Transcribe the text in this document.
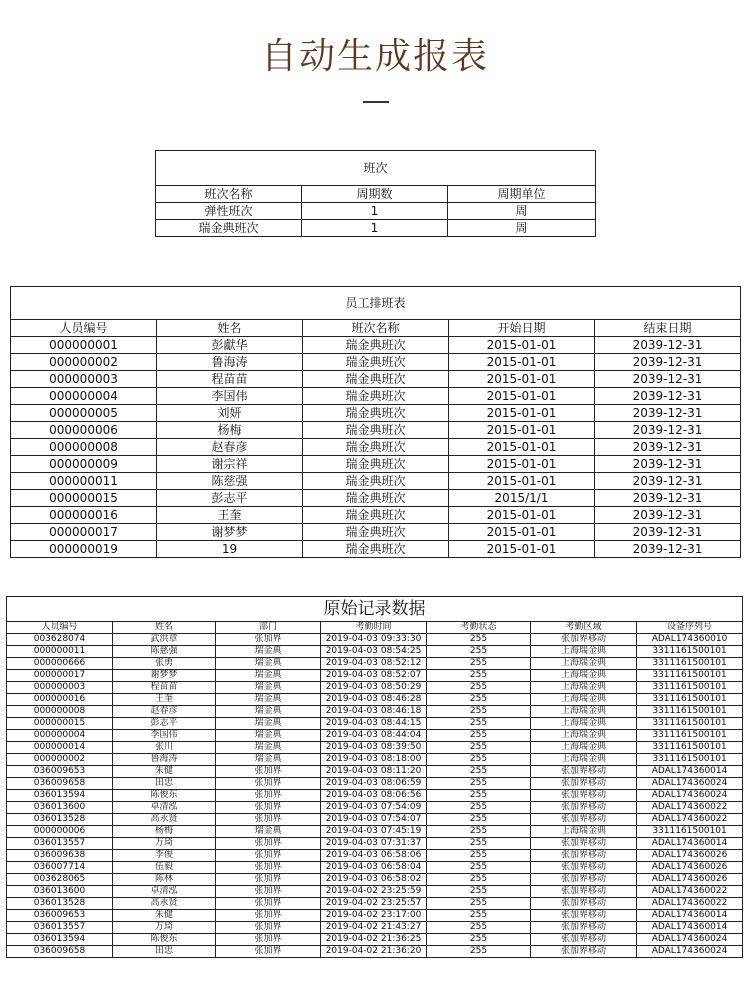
自动生成报表
班次		
班次名称	周期数	周期单位
弹性班次	1	周
瑞金典班次	1	周
员工排班表				
人员编号	姓名	班次名称	开始日期	结束日期
000000001	彭獻华	瑞金典班次	2015-01-01	2039-12-31
000000002	鲁海涛	瑞金典班次	2015-01-01	2039-12-31
000000003	程苗苗	瑞金典班次	2015-01-01	2039-12-31
000000004	李国伟	瑞金典班次	2015-01-01	2039-12-31
000000005	刘妍	瑞金典班次	2015-01-01	2039-12-31
000000006	杨梅	瑞金典班次	2015-01-01	2039-12-31
000000008	赵春彦	瑞金典班次	2015-01-01	2039-12-31
000000009	谢宗祥	瑞金典班次	2015-01-01	2039-12-31
000000011	陈慈强	瑞金典班次	2015-01-01	2039-12-31
000000015	彭志平	瑞金典班次	2015/1/1	2039-12-31
000000016	王奎	瑞金典班次	2015-01-01	2039-12-31
000000017	谢梦梦	瑞金典班次	2015-01-01	2039-12-31
000000019	19	瑞金典班次	2015-01-01	2039-12-31
原始记录数据						
人员编号	姓名	部门	考勤时间	考勤状态	考勤区域	设备序列号
003628074	武洪章	张加界	2019-04-03 09:33:30	255	张加界移动	ADAL174360010
000000011	陈慈强	瑞金典	2019-04-03 08:54:25	255	上海瑞金典	3311161500101
000000666	张勇	瑞金典	2019-04-03 08:52:12	255	上海瑞金典	3311161500101
000000017	谢梦梦	瑞金典	2019-04-03 08:52:07	255	上海瑞金典	3311161500101
000000003	程苗苗	瑞金典	2019-04-03 08:50:29	255	上海瑞金典	3311161500101
000000016	王奎	瑞金典	2019-04-03 08:46:28	255	上海瑞金典	3311161500101
000000008	赵春彦	瑞金典	2019-04-03 08:46:18	255	上海瑞金典	3311161500101
000000015	彭志平	瑞金典	2019-04-03 08:44:15	255	上海瑞金典	3311161500101
000000004	李国伟	瑞金典	2019-04-03 08:44:04	255	上海瑞金典	3311161500101
000000014	张川	瑞金典	2019-04-03 08:39:50	255	上海瑞金典	3311161500101
000000002	鲁海涛	瑞金典	2019-04-03 08:18:00	255	上海瑞金典	3311161500101
036009653	朱健	张加界	2019-04-03 08:11:20	255	张加界移动	ADAL174360014
036009658	田忠	张加界	2019-04-03 08:06:59	255	张加界移动	ADAL174360024
036013594	陈俊东	张加界	2019-04-03 08:06:56	255	张加界移动	ADAL174360024
036013600	卓清泓	张加界	2019-04-03 07:54:09	255	张加界移动	ADAL174360022
036013528	高永贤	张加界	2019-04-03 07:54:07	255	张加界移动	ADAL174360022
000000006	杨梅	瑞金典	2019-04-03 07:45:19	255	上海瑞金典	3311161500101
036013557	万琦	张加界	2019-04-03 07:31:37	255	张加界移动	ADAL174360014
036009638	李俊	张加界	2019-04-03 06:58:06	255	张加界移动	ADAL174360026
036007714	伍毅	张加界	2019-04-03 06:58:04	255	张加界移动	ADAL174360026
003628065	陈林	张加界	2019-04-03 06:58:02	255	张加界移动	ADAL174360026
036013600	卓清泓	张加界	2019-04-02 23:25:59	255	张加界移动	ADAL174360022
036013528	高永贤	张加界	2019-04-02 23:25:57	255	张加界移动	ADAL174360022
036009653	朱健	张加界	2019-04-02 23:17:00	255	张加界移动	ADAL174360014
036013557	万琦	张加界	2019-04-02 21:43:27	255	张加界移动	ADAL174360014
036013594	陈俊东	张加界	2019-04-02 21:36:25	255	张加界移动	ADAL174360024
036009658	田忠	张加界	2019-04-02 21:36:20	255	张加界移动	ADAL174360024
